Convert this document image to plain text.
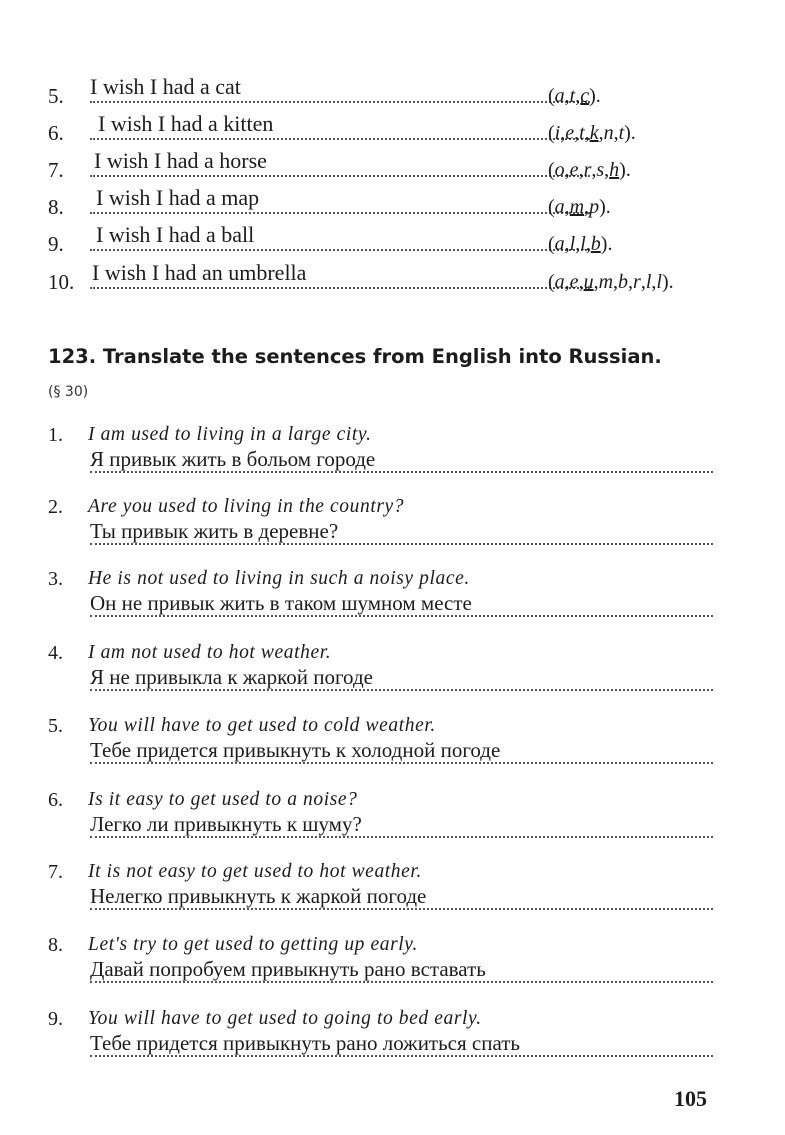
5. I wish I had a cat	(a,t,c).
6. I wish I had a kitten	(i,e,t,k,n,t).
7. I wish I had a horse	(o,e,r,s,h).
8. I wish I had a map	(a,m,p).
9. I wish I had a ball	(a,l,l,b).
10. I wish I had an umbrella	(a,e,u,m,b,r,l,l).
123. Translate the sentences from English into Russian.
(§ 30)
1. I am used to living in a large city.
Я привык жить в больом городе
2. Are you used to living in the country?
Ты привык жить в деревне?
3. He is not used to living in such a noisy place.
Он не привык жить в таком шумном месте
4. I am not used to hot weather.
Я не привыкла к жаркой погоде
5. You will have to get used to cold weather.
Тебе придется привыкнуть к холодной погоде
6. Is it easy to get used to a noise?
Легко ли привыкнуть к шуму?
7. It is not easy to get used to hot weather.
Нелегко привыкнуть к жаркой погоде
8. Let's try to get used to getting up early.
Давай попробуем привыкнуть рано вставать
9. You will have to get used to going to bed early.
Тебе придется привыкнуть рано ложиться спать
105
